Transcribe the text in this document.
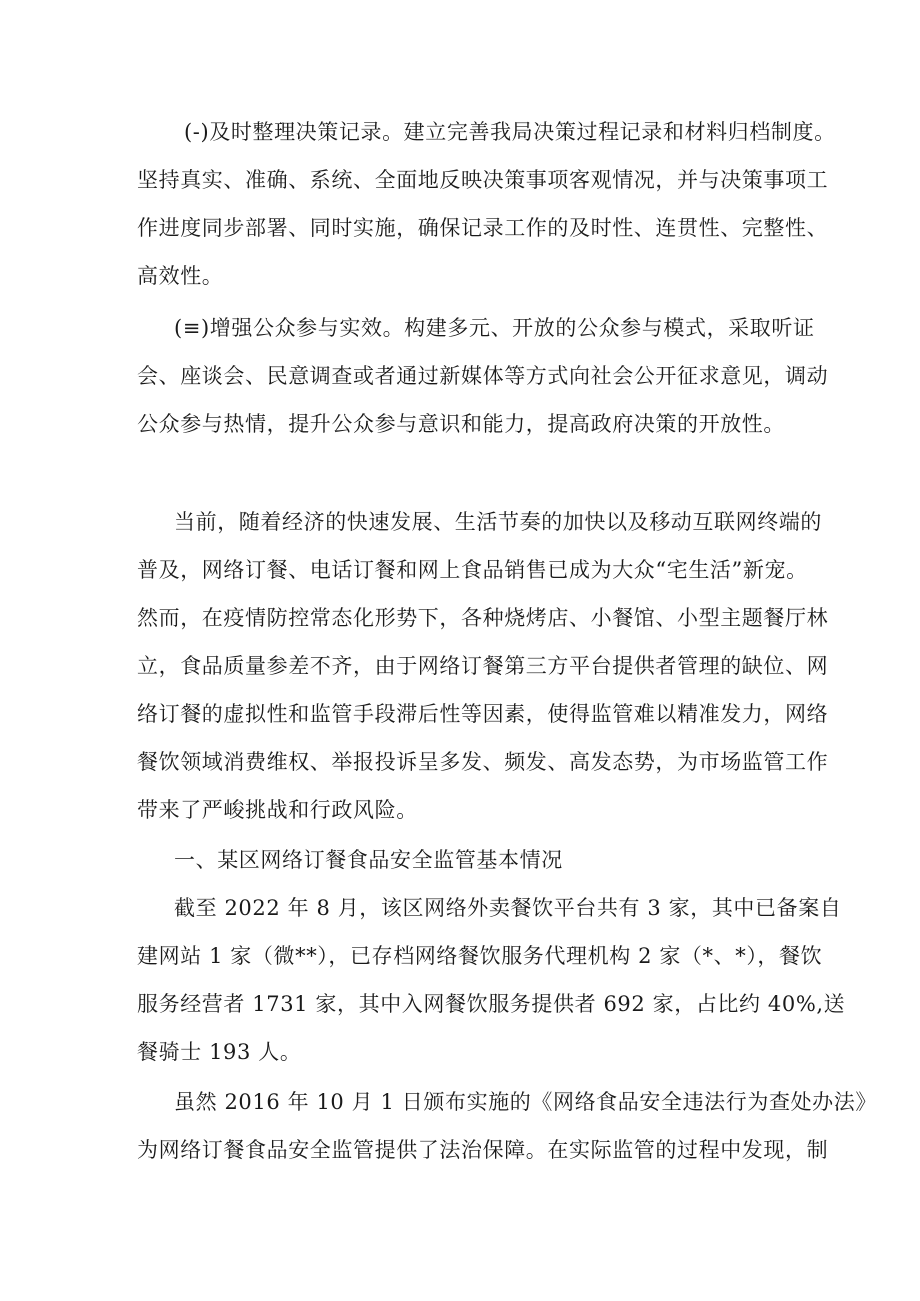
(-)及时整理决策记录。建立完善我局决策过程记录和材料归档制度。
坚持真实、准确、系统、全面地反映决策事项客观情况，并与决策事项工
作进度同步部署、同时实施，确保记录工作的及时性、连贯性、完整性、
高效性。
(≡)增强公众参与实效。构建多元、开放的公众参与模式，采取听证
会、座谈会、民意调查或者通过新媒体等方式向社会公开征求意见，调动
公众参与热情，提升公众参与意识和能力，提高政府决策的开放性。
当前，随着经济的快速发展、生活节奏的加快以及移动互联网终端的
普及，网络订餐、电话订餐和网上食品销售已成为大众“宅生活”新宠。
然而，在疫情防控常态化形势下，各种烧烤店、小餐馆、小型主题餐厅林
立，食品质量参差不齐，由于网络订餐第三方平台提供者管理的缺位、网
络订餐的虚拟性和监管手段滞后性等因素，使得监管难以精准发力，网络
餐饮领域消费维权、举报投诉呈多发、频发、高发态势，为市场监管工作
带来了严峻挑战和行政风险。
一、某区网络订餐食品安全监管基本情况
截至 2022 年 8 月，该区网络外卖餐饮平台共有 3 家，其中已备案自
建网站 1 家（微**），已存档网络餐饮服务代理机构 2 家（*、*），餐饮
服务经营者 1731 家，其中入网餐饮服务提供者 692 家，占比约 40%,送
餐骑士 193 人。
虽然 2016 年 10 月 1 日颁布实施的《网络食品安全违法行为查处办法》
为网络订餐食品安全监管提供了法治保障。在实际监管的过程中发现，制
